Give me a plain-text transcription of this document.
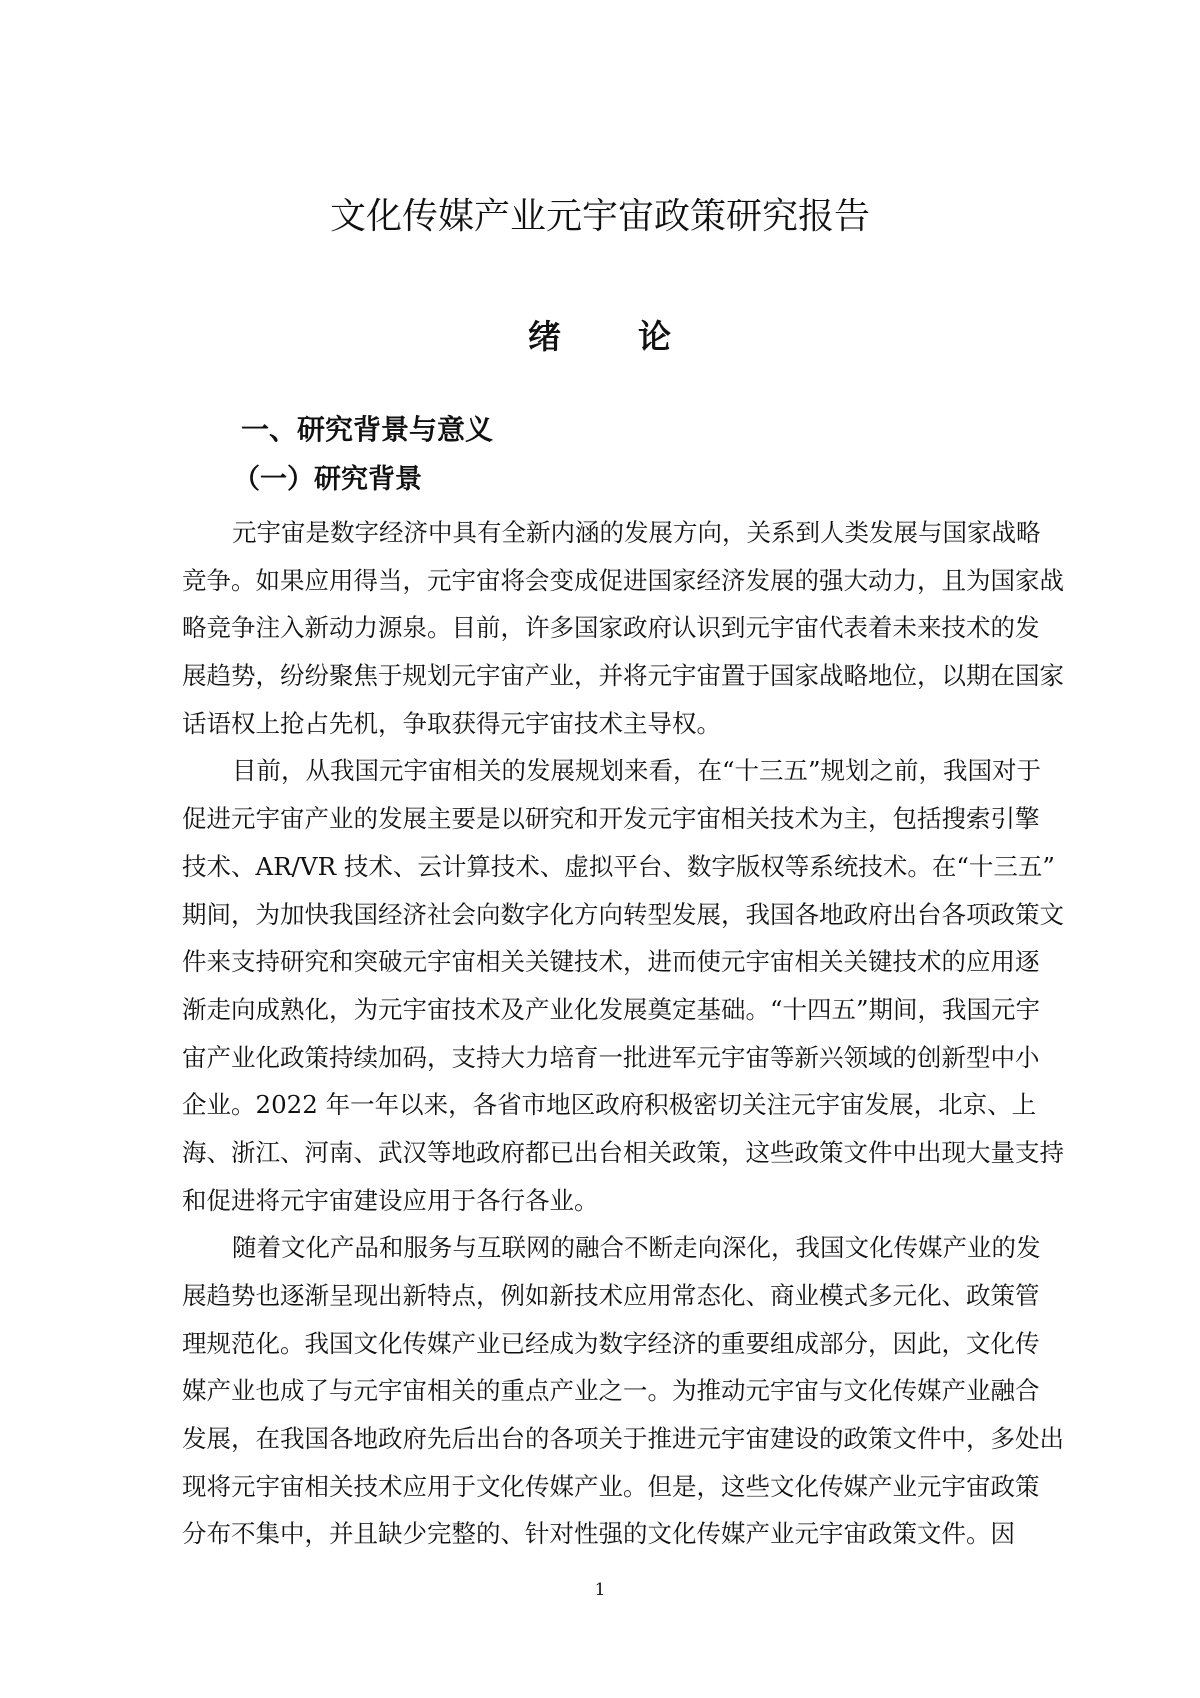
文化传媒产业元宇宙政策研究报告
绪 论
一、研究背景与意义
（一）研究背景
元宇宙是数字经济中具有全新内涵的发展方向，关系到人类发展与国家战略
竞争。如果应用得当，元宇宙将会变成促进国家经济发展的强大动力，且为国家战
略竞争注入新动力源泉。目前，许多国家政府认识到元宇宙代表着未来技术的发
展趋势，纷纷聚焦于规划元宇宙产业，并将元宇宙置于国家战略地位，以期在国家
话语权上抢占先机，争取获得元宇宙技术主导权。
目前，从我国元宇宙相关的发展规划来看，在“十三五”规划之前，我国对于
促进元宇宙产业的发展主要是以研究和开发元宇宙相关技术为主，包括搜索引擎
技术、AR/VR 技术、云计算技术、虚拟平台、数字版权等系统技术。在“十三五”
期间，为加快我国经济社会向数字化方向转型发展，我国各地政府出台各项政策文
件来支持研究和突破元宇宙相关关键技术，进而使元宇宙相关关键技术的应用逐
渐走向成熟化，为元宇宙技术及产业化发展奠定基础。“十四五”期间，我国元宇
宙产业化政策持续加码，支持大力培育一批进军元宇宙等新兴领域的创新型中小
企业。2022 年一年以来，各省市地区政府积极密切关注元宇宙发展，北京、上
海、浙江、河南、武汉等地政府都已出台相关政策，这些政策文件中出现大量支持
和促进将元宇宙建设应用于各行各业。
随着文化产品和服务与互联网的融合不断走向深化，我国文化传媒产业的发
展趋势也逐渐呈现出新特点，例如新技术应用常态化、商业模式多元化、政策管
理规范化。我国文化传媒产业已经成为数字经济的重要组成部分，因此，文化传
媒产业也成了与元宇宙相关的重点产业之一。为推动元宇宙与文化传媒产业融合
发展，在我国各地政府先后出台的各项关于推进元宇宙建设的政策文件中，多处出
现将元宇宙相关技术应用于文化传媒产业。但是，这些文化传媒产业元宇宙政策
分布不集中，并且缺少完整的、针对性强的文化传媒产业元宇宙政策文件。因
1
